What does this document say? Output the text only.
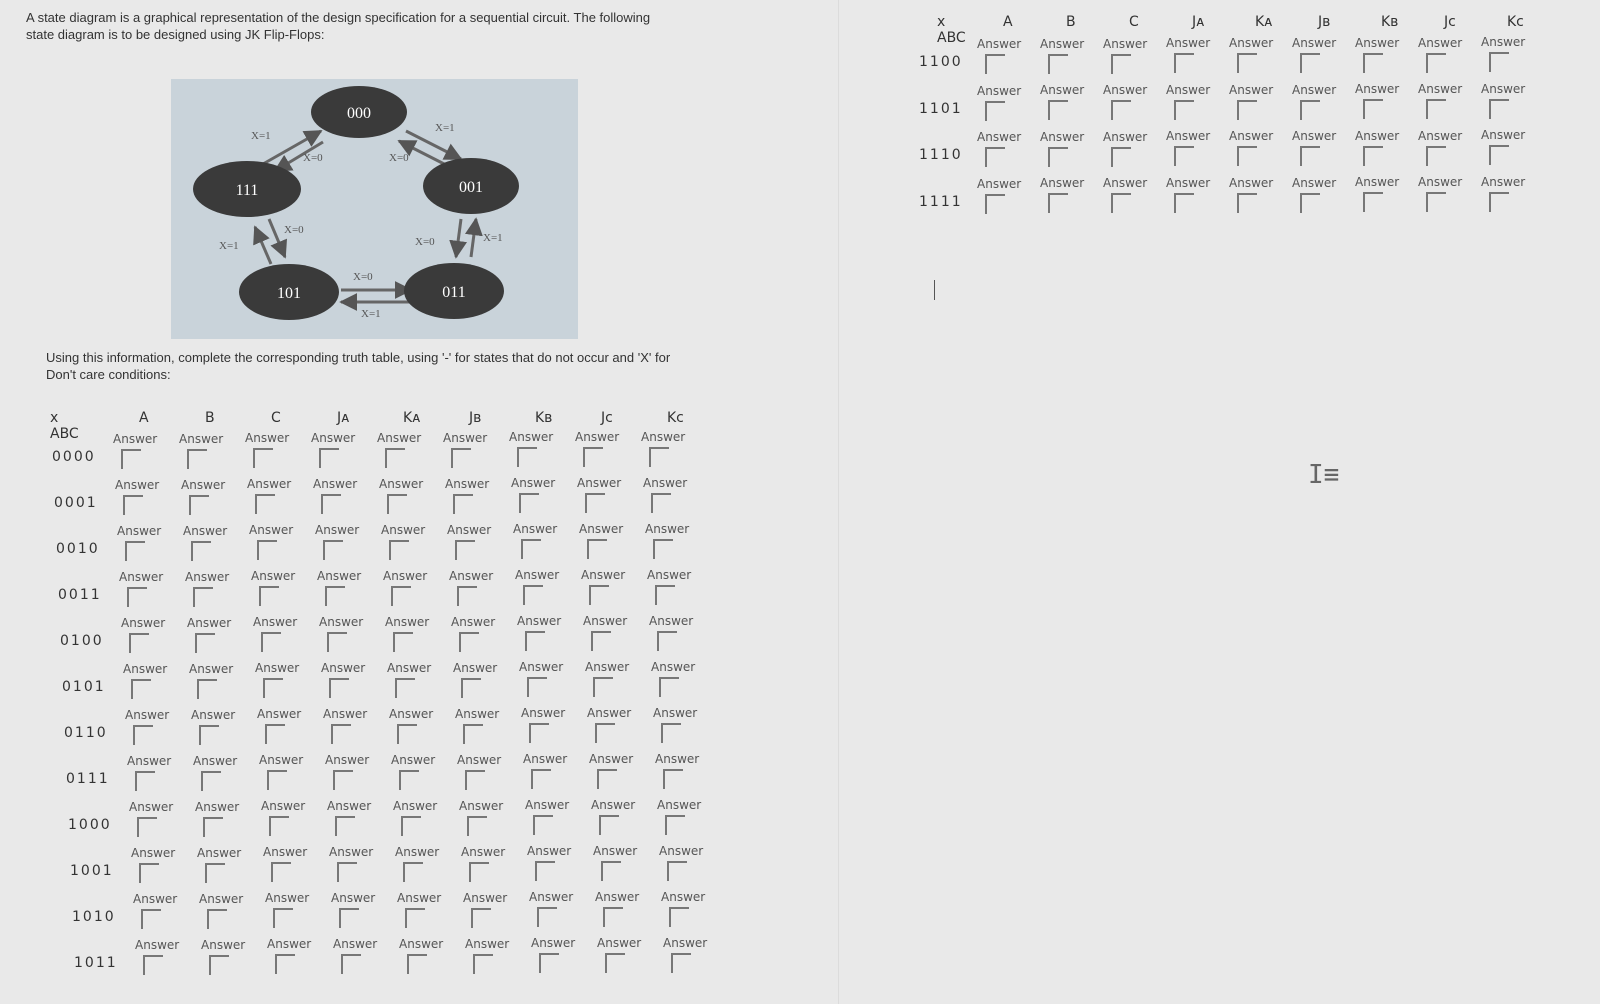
A state diagram is a graphical representation of the design specification for a sequential circuit. The following state diagram is to be designed using JK Flip-Flops:
000
001
011
101
111
X=1
X=0
X=1
X=0
X=0	X=1
X=0
X=1
X=0
X=1
Using this information, complete the corresponding truth table, using '-' for states that do not occur and 'X' for Don't care conditions:
x ABC
A	B	C	Jᴀ	Kᴀ	Jʙ	Kʙ	Jᴄ	Kᴄ
0000
Answer Answer Answer Answer Answer Answer Answer Answer Answer
0001
Answer Answer Answer Answer Answer Answer Answer Answer Answer
0010
Answer Answer Answer Answer Answer Answer Answer Answer Answer
0011
Answer Answer Answer Answer Answer Answer Answer Answer Answer
0100
Answer Answer Answer Answer Answer Answer Answer Answer Answer
0101
Answer Answer Answer Answer Answer Answer Answer Answer Answer
0110
Answer Answer Answer Answer Answer Answer Answer Answer Answer
0111
Answer Answer Answer Answer Answer Answer Answer Answer Answer
1000
Answer Answer Answer Answer Answer Answer Answer Answer Answer
1001
Answer Answer Answer Answer Answer Answer Answer Answer Answer
1010
Answer Answer Answer Answer Answer Answer Answer Answer Answer
1011
Answer Answer Answer Answer Answer Answer Answer Answer Answer
x ABC
A	B	C	Jᴀ	Kᴀ	Jʙ	Kʙ	Jᴄ	Kᴄ
1100
Answer Answer Answer Answer Answer Answer Answer Answer Answer
1101
Answer Answer Answer Answer Answer Answer Answer Answer Answer
1110
Answer Answer Answer Answer Answer Answer Answer Answer Answer
1111
Answer Answer Answer Answer Answer Answer Answer Answer Answer
I≡
